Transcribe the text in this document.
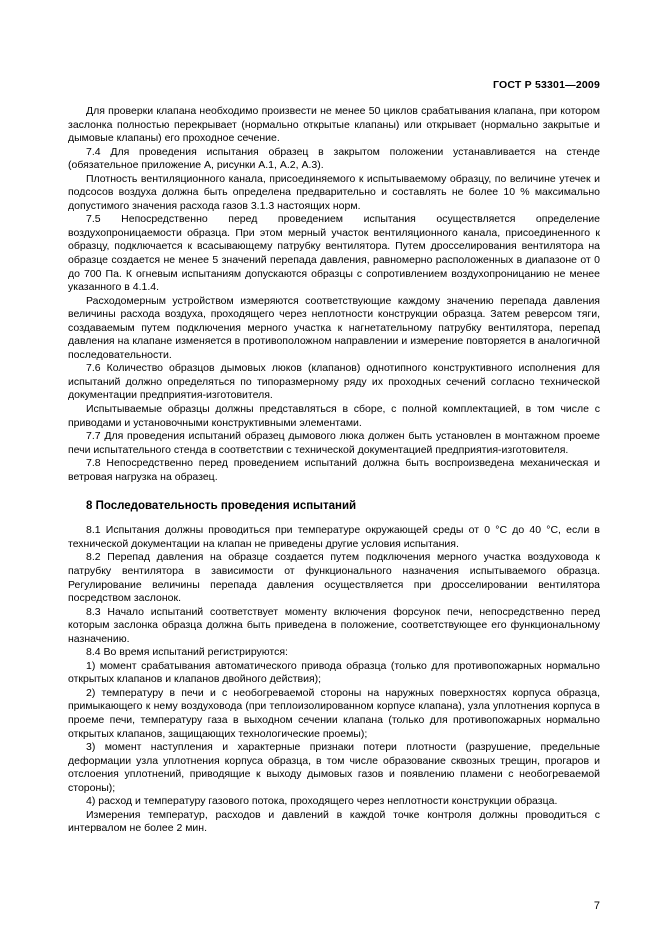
ГОСТ Р 53301—2009

Для проверки клапана необходимо произвести не менее 50 циклов срабатывания клапана, при котором заслонка полностью перекрывает (нормально открытые клапаны) или открывает (нормально закрытые и дымовые клапаны) его проходное сечение.

7.4 Для проведения испытания образец в закрытом положении устанавливается на стенде (обязательное приложение А, рисунки А.1, А.2, А.3).

Плотность вентиляционного канала, присоединяемого к испытываемому образцу, по величине утечек и подсосов воздуха должна быть определена предварительно и составлять не более 10 % максимально допустимого значения расхода газов 3.1.3 настоящих норм.

7.5 Непосредственно перед проведением испытания осуществляется определение воздухопроницаемости образца. При этом мерный участок вентиляционного канала, присоединенного к образцу, подключается к всасывающему патрубку вентилятора. Путем дросселирования вентилятора на образце создается не менее 5 значений перепада давления, равномерно расположенных в диапазоне от 0 до 700 Па. К огневым испытаниям допускаются образцы с сопротивлением воздухопроницанию не менее указанного в 4.1.4.

Расходомерным устройством измеряются соответствующие каждому значению перепада давления величины расхода воздуха, проходящего через неплотности конструкции образца. Затем реверсом тяги, создаваемым путем подключения мерного участка к нагнетательному патрубку вентилятора, перепад давления на клапане изменяется в противоположном направлении и измерение повторяется в аналогичной последовательности.

7.6 Количество образцов дымовых люков (клапанов) однотипного конструктивного исполнения для испытаний должно определяться по типоразмерному ряду их проходных сечений согласно технической документации предприятия-изготовителя.

Испытываемые образцы должны представляться в сборе, с полной комплектацией, в том числе с приводами и установочными конструктивными элементами.

7.7 Для проведения испытаний образец дымового люка должен быть установлен в монтажном проеме печи испытательного стенда в соответствии с технической документацией предприятия-изготовителя.

7.8 Непосредственно перед проведением испытаний должна быть воспроизведена механическая и ветровая нагрузка на образец.

8 Последовательность проведения испытаний

8.1 Испытания должны проводиться при температуре окружающей среды от 0 °С до 40 °С, если в технической документации на клапан не приведены другие условия испытания.

8.2 Перепад давления на образце создается путем подключения мерного участка воздуховода к патрубку вентилятора в зависимости от функционального назначения испытываемого образца. Регулирование величины перепада давления осуществляется при дросселировании вентилятора посредством заслонок.

8.3 Начало испытаний соответствует моменту включения форсунок печи, непосредственно перед которым заслонка образца должна быть приведена в положение, соответствующее его функциональному назначению.

8.4 Во время испытаний регистрируются:

1) момент срабатывания автоматического привода образца (только для противопожарных нормально открытых клапанов и клапанов двойного действия);

2) температуру в печи и с необогреваемой стороны на наружных поверхностях корпуса образца, примыкающего к нему воздуховода (при теплоизолированном корпусе клапана), узла уплотнения корпуса в проеме печи, температуру газа в выходном сечении клапана (только для противопожарных нормально открытых клапанов, защищающих технологические проемы);

3) момент наступления и характерные признаки потери плотности (разрушение, предельные деформации узла уплотнения корпуса образца, в том числе образование сквозных трещин, прогаров и отслоения уплотнений, приводящие к выходу дымовых газов и появлению пламени с необогреваемой стороны);

4) расход и температуру газового потока, проходящего через неплотности конструкции образца.

Измерения температур, расходов и давлений в каждой точке контроля должны проводиться с интервалом не более 2 мин.

7
